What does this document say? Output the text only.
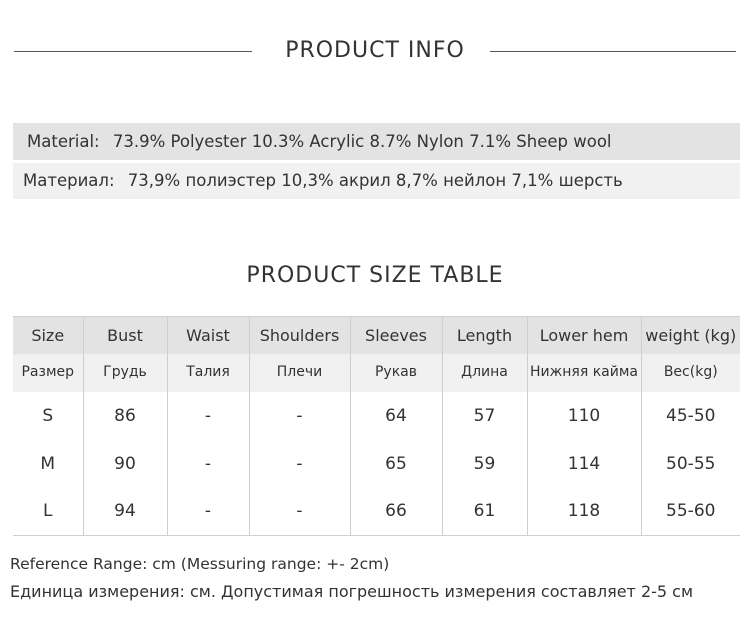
PRODUCT INFO
Material: 73.9% Polyester 10.3% Acrylic 8.7% Nylon 7.1% Sheep wool
Материал: 73,9% полиэстер 10,3% акрил 8,7% нейлон 7,1% шерсть
PRODUCT SIZE TABLE
Size	Bust	Waist	Shoulders	Sleeves	Length	Lower hem	weight (kg)
Размер	Грудь	Талия	Плечи	Рукав	Длина	Нижняя кайма	Вес(kg)
S	86	-	-	64	57	110	45-50
M	90	-	-	65	59	114	50-55
L	94	-	-	66	61	118	55-60
Reference Range: cm (Messuring range: +- 2cm)
Единица измерения: см. Допустимая погрешность измерения составляет 2-5 см
